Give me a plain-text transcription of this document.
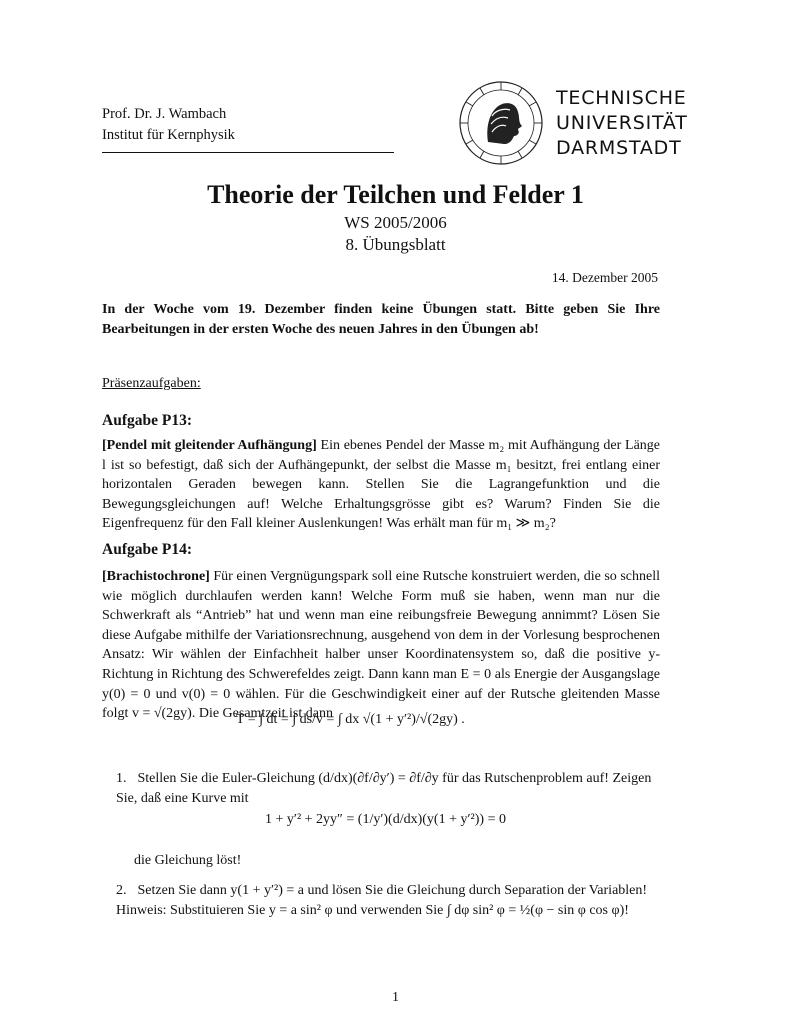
Prof. Dr. J. Wambach
Institut für Kernphysik
TECHNISCHE
UNIVERSITÄT
DARMSTADT
Theorie der Teilchen und Felder 1
WS 2005/2006
8. Übungsblatt
14. Dezember 2005
In der Woche vom 19. Dezember finden keine Übungen statt. Bitte geben Sie Ihre Bearbeitungen in der ersten Woche des neuen Jahres in den Übungen ab!
Präsenzaufgaben:
Aufgabe P13:
[Pendel mit gleitender Aufhängung] Ein ebenes Pendel der Masse m₂ mit Aufhängung der Länge l ist so befestigt, daß sich der Aufhängepunkt, der selbst die Masse m₁ besitzt, frei entlang einer horizontalen Geraden bewegen kann. Stellen Sie die Lagrangefunktion und die Bewegungsgleichungen auf! Welche Erhaltungsgrösse gibt es? Warum? Finden Sie die Eigenfrequenz für den Fall kleiner Auslenkungen! Was erhält man für m₁ ≫ m₂?
Aufgabe P14:
[Brachistochrone] Für einen Vergnügungspark soll eine Rutsche konstruiert werden, die so schnell wie möglich durchlaufen werden kann! Welche Form muß sie haben, wenn man nur die Schwerkraft als “Antrieb” hat und wenn man eine reibungsfreie Bewegung annimmt? Lösen Sie diese Aufgabe mithilfe der Variationsrechnung, ausgehend von dem in der Vorlesung besprochenen Ansatz: Wir wählen der Einfachheit halber unser Koordinatensystem so, daß die positive y-Richtung in Richtung des Schwerefeldes zeigt. Dann kann man E = 0 als Energie der Ausgangslage y(0) = 0 und v(0) = 0 wählen. Für die Geschwindigkeit einer auf der Rutsche gleitenden Masse folgt v = √(2gy). Die Gesamtzeit ist dann
T = ∫ dt = ∫ ds/v = ∫ dx √(1 + y′²)/√(2gy) .
1. Stellen Sie die Euler-Gleichung (d/dx)(∂f/∂y′) = ∂f/∂y für das Rutschenproblem auf! Zeigen Sie, daß eine Kurve mit
1 + y′² + 2yy″ = (1/y′)(d/dx)(y(1 + y′²)) = 0
die Gleichung löst!
2. Setzen Sie dann y(1 + y′²) = a und lösen Sie die Gleichung durch Separation der Variablen! Hinweis: Substituieren Sie y = a sin² φ und verwenden Sie ∫ dφ sin² φ = ½(φ − sin φ cos φ)!
1
